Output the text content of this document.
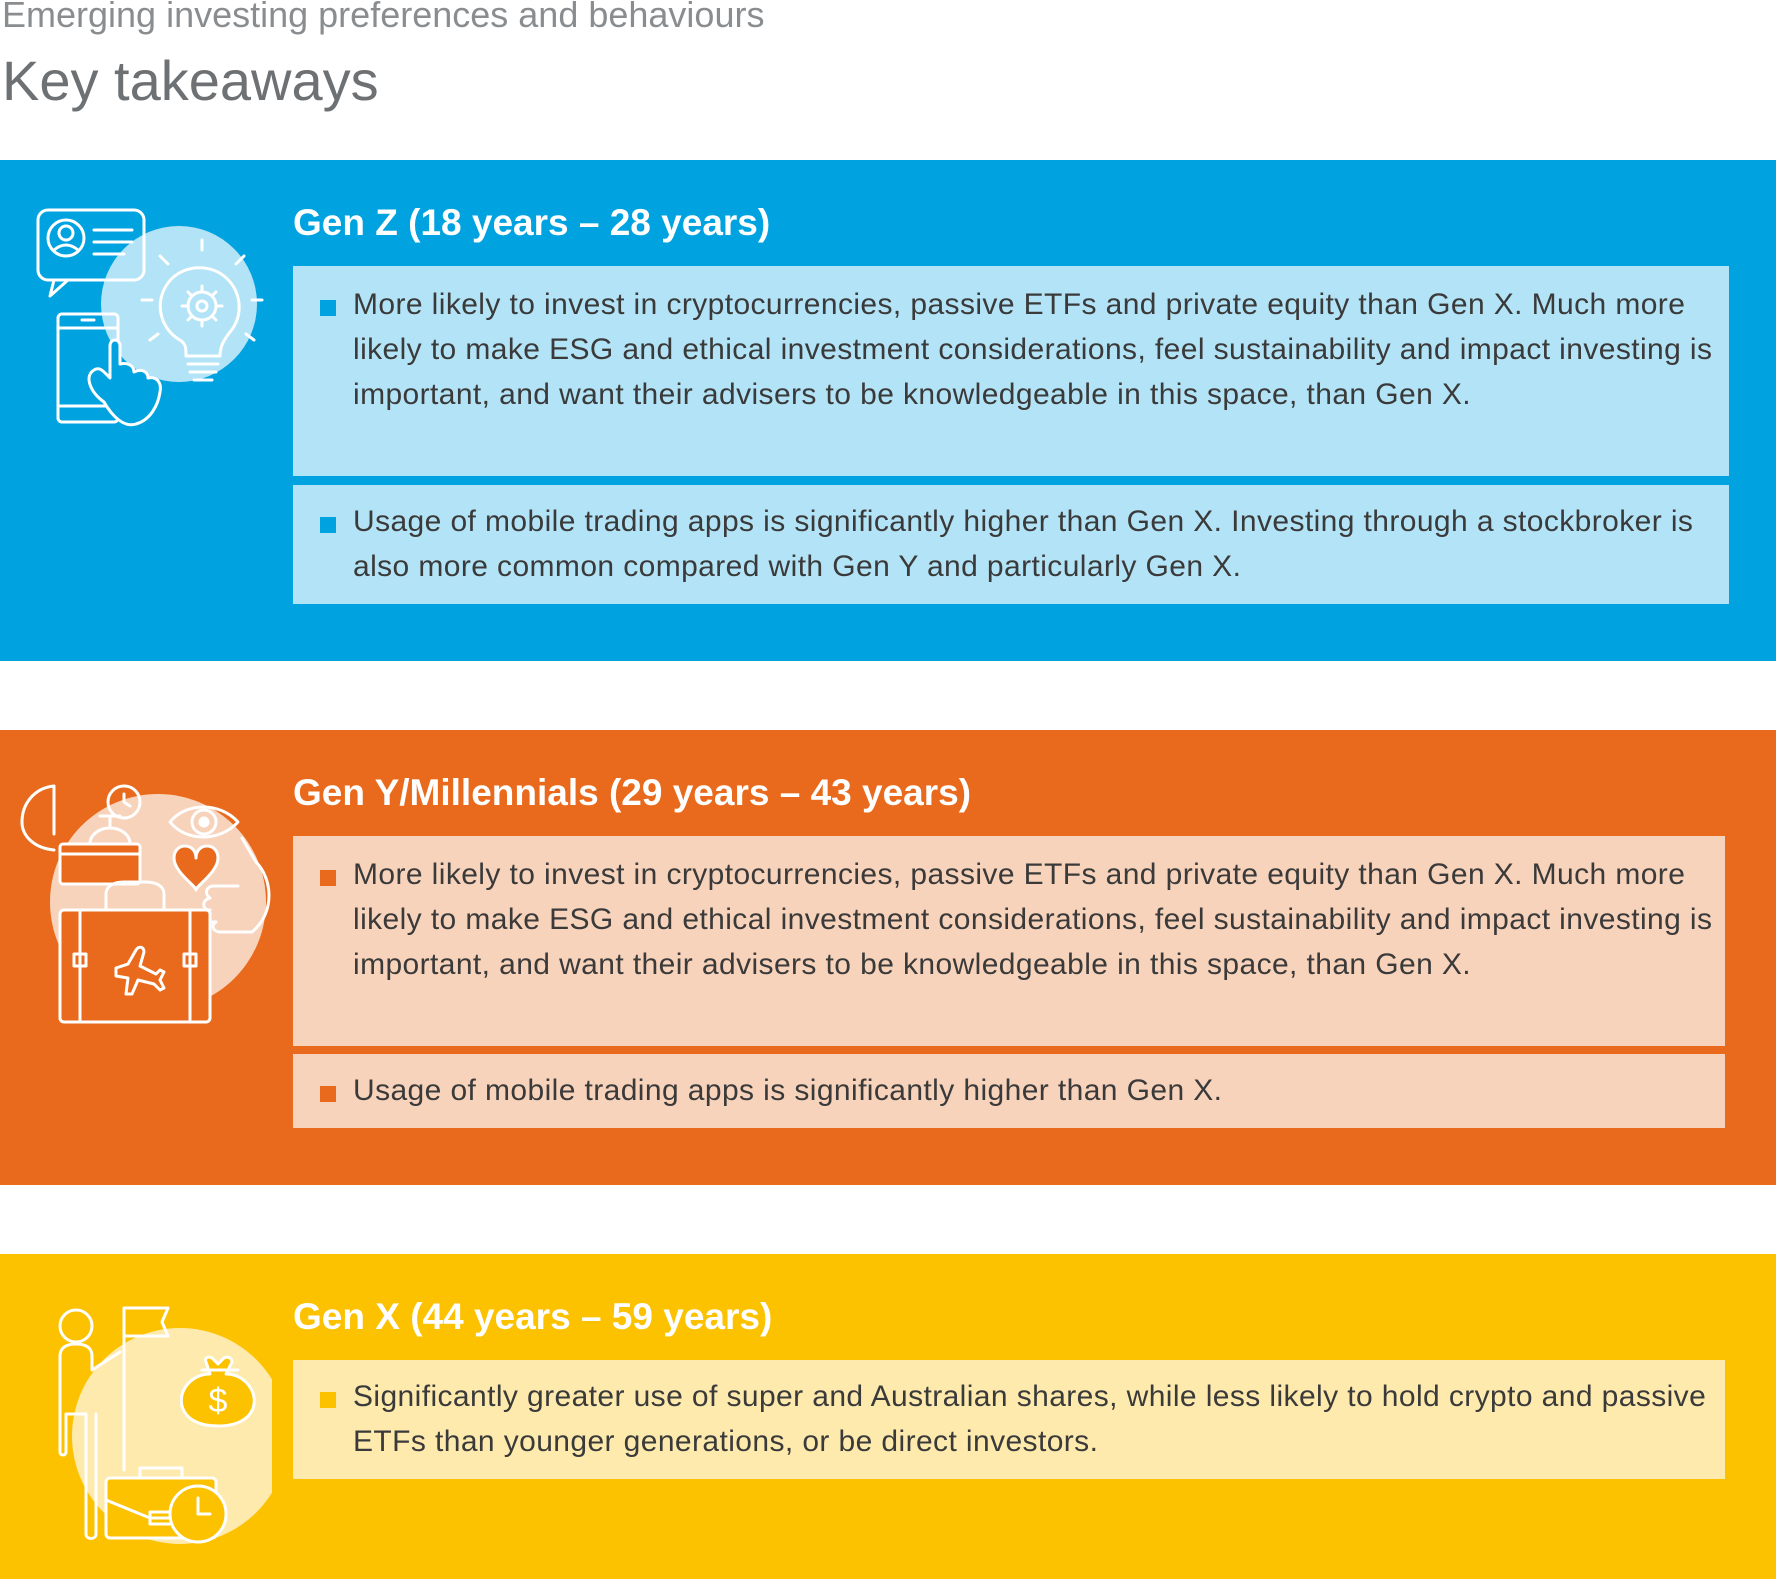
Emerging investing preferences and behaviours
Key takeaways
Gen Z (18 years – 28 years)

More likely to invest in cryptocurrencies, passive ETFs and private equity than Gen X. Much more likely to make ESG and ethical investment considerations, feel sustainability and impact investing is important, and want their advisers to be knowledgeable in this space, than Gen X.

Usage of mobile trading apps is significantly higher than Gen X. Investing through a stockbroker is also more common compared with Gen Y and particularly Gen X.

Gen Y/Millennials (29 years – 43 years)

More likely to invest in cryptocurrencies, passive ETFs and private equity than Gen X. Much more likely to make ESG and ethical investment considerations, feel sustainability and impact investing is important, and want their advisers to be knowledgeable in this space, than Gen X.

Usage of mobile trading apps is significantly higher than Gen X.

$
Gen X (44 years – 59 years)

Significantly greater use of super and Australian shares, while less likely to hold crypto and passive ETFs than younger generations, or be direct investors.
